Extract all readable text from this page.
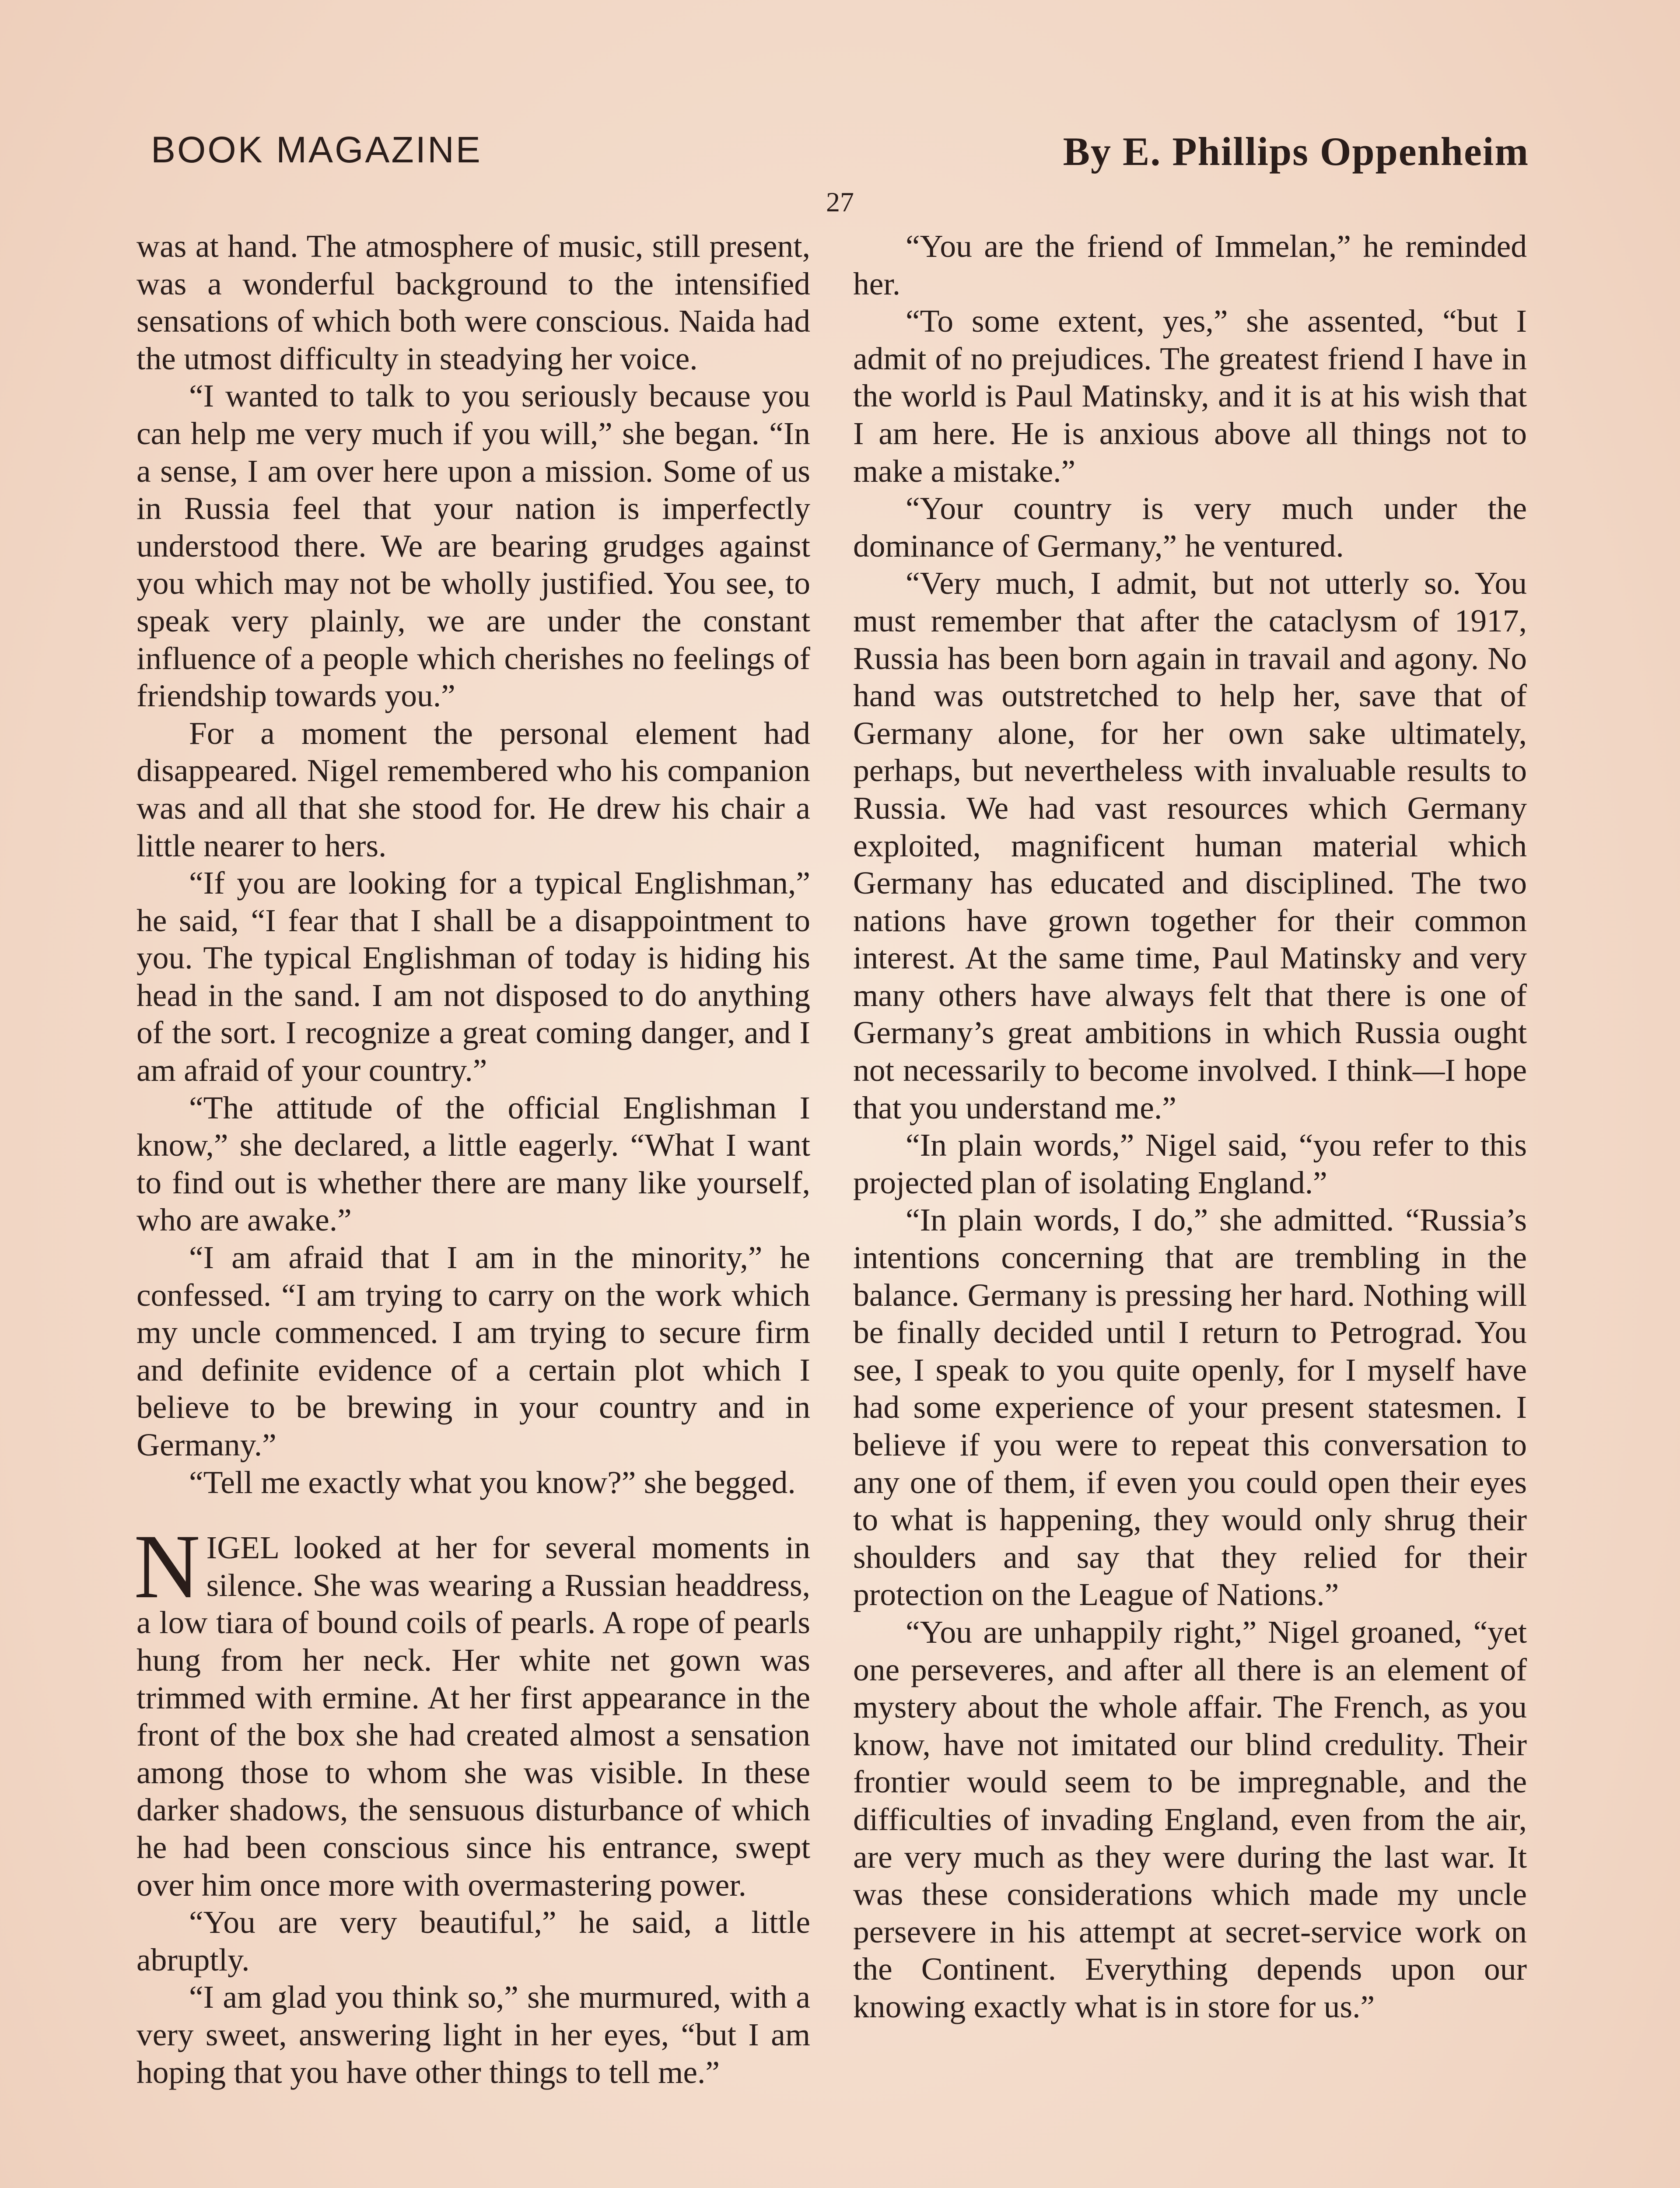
BOOK MAGAZINE	By E. Phillips Oppenheim
27

was at hand. The atmosphere of music, still present, was a wonderful background to the intensified sensations of which both were conscious. Naida had the utmost difficulty in steadying her voice.

“I wanted to talk to you seriously because you can help me very much if you will,” she began. “In a sense, I am over here upon a mission. Some of us in Russia feel that your nation is imperfectly understood there. We are bearing grudges against you which may not be wholly justified. You see, to speak very plainly, we are under the constant influence of a people which cherishes no feelings of friendship towards you.”

For a moment the personal element had disappeared. Nigel remembered who his companion was and all that she stood for. He drew his chair a little nearer to hers.

“If you are looking for a typical Englishman,” he said, “I fear that I shall be a disappointment to you. The typical Englishman of today is hiding his head in the sand. I am not disposed to do anything of the sort. I recognize a great coming danger, and I am afraid of your country.”

“The attitude of the official Englishman I know,” she declared, a little eagerly. “What I want to find out is whether there are many like yourself, who are awake.”

“I am afraid that I am in the minority,” he confessed. “I am trying to carry on the work which my uncle commenced. I am trying to secure firm and definite evidence of a certain plot which I believe to be brewing in your country and in Germany.”

“Tell me exactly what you know?” she begged.

NIGEL looked at her for several moments in silence. She was wearing a Russian headdress, a low tiara of bound coils of pearls. A rope of pearls hung from her neck. Her white net gown was trimmed with ermine. At her first appearance in the front of the box she had created almost a sensation among those to whom she was visible. In these darker shadows, the sensuous disturbance of which he had been conscious since his entrance, swept over him once more with overmastering power.

“You are very beautiful,” he said, a little abruptly.

“I am glad you think so,” she murmured, with a very sweet, answering light in her eyes, “but I am hoping that you have other things to tell me.”

“You are the friend of Immelan,” he reminded her.

“To some extent, yes,” she assented, “but I admit of no prejudices. The greatest friend I have in the world is Paul Matinsky, and it is at his wish that I am here. He is anxious above all things not to make a mistake.”

“Your country is very much under the dominance of Germany,” he ventured.

“Very much, I admit, but not utterly so. You must remember that after the cataclysm of 1917, Russia has been born again in travail and agony. No hand was outstretched to help her, save that of Germany alone, for her own sake ultimately, perhaps, but nevertheless with invaluable results to Russia. We had vast resources which Germany exploited, magnificent human material which Germany has educated and disciplined. The two nations have grown together for their common interest. At the same time, Paul Matinsky and very many others have always felt that there is one of Germany’s great ambitions in which Russia ought not necessarily to become involved. I think—I hope that you understand me.”

“In plain words,” Nigel said, “you refer to this projected plan of isolating England.”

“In plain words, I do,” she admitted. “Russia’s intentions concerning that are trembling in the balance. Germany is pressing her hard. Nothing will be finally decided until I return to Petrograd. You see, I speak to you quite openly, for I myself have had some experience of your present statesmen. I believe if you were to repeat this conversation to any one of them, if even you could open their eyes to what is happening, they would only shrug their shoulders and say that they relied for their protection on the League of Nations.”

“You are unhappily right,” Nigel groaned, “yet one perseveres, and after all there is an element of mystery about the whole affair. The French, as you know, have not imitated our blind credulity. Their frontier would seem to be impregnable, and the difficulties of invading England, even from the air, are very much as they were during the last war. It was these considerations which made my uncle persevere in his attempt at secret-service work on the Continent. Everything depends upon our knowing exactly what is in store for us.”
